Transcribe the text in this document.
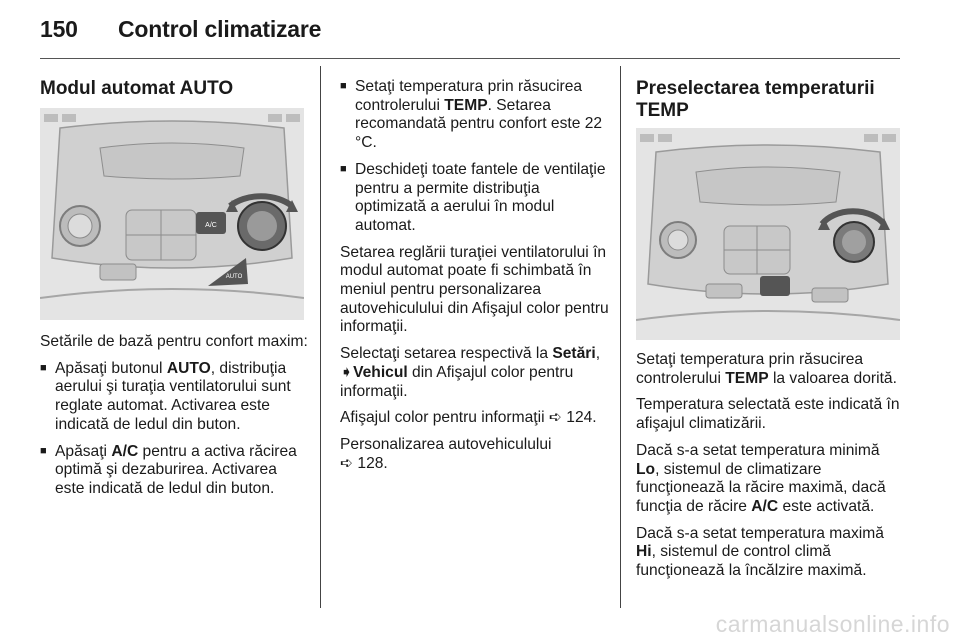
150 Control climatizare
Modul automat AUTO
A/C
AUTO

Setările de bază pentru confort maxim:

■ Apăsaţi butonul AUTO, distribuţia aerului şi turaţia ventilatorului sunt reglate automat. Activarea este indicată de ledul din buton.
■ Apăsaţi A/C pentru a activa răcirea optimă şi dezaburirea. Activarea este indicată de ledul din buton.
■ Setaţi temperatura prin răsucirea controlerului TEMP. Setarea recomandată pentru confort este 22 °C.
■ Deschideţi toate fantele de ventilaţie pentru a permite distribuţia optimizată a aerului în modul automat.

Setarea reglării turaţiei ventilatorului în modul automat poate fi schimbată în meniul pentru personalizarea autovehiculului din Afişajul color pentru informaţii.

Selectaţi setarea respectivă la Setări, ➧Vehicul din Afişajul color pentru informaţii.

Afişajul color pentru informaţii ➪ 124.

Personalizarea autovehiculului
➪ 128.

Preselectarea temperaturii
TEMP

Setaţi temperatura prin răsucirea controlerului TEMP la valoarea dorită.

Temperatura selectată este indicată în afişajul climatizării.

Dacă s-a setat temperatura minimă Lo, sistemul de climatizare funcţionează la răcire maximă, dacă funcţia de răcire A/C este activată.

Dacă s-a setat temperatura maximă Hi, sistemul de control climă funcţionează la încălzire maximă.

carmanualsonline.info
